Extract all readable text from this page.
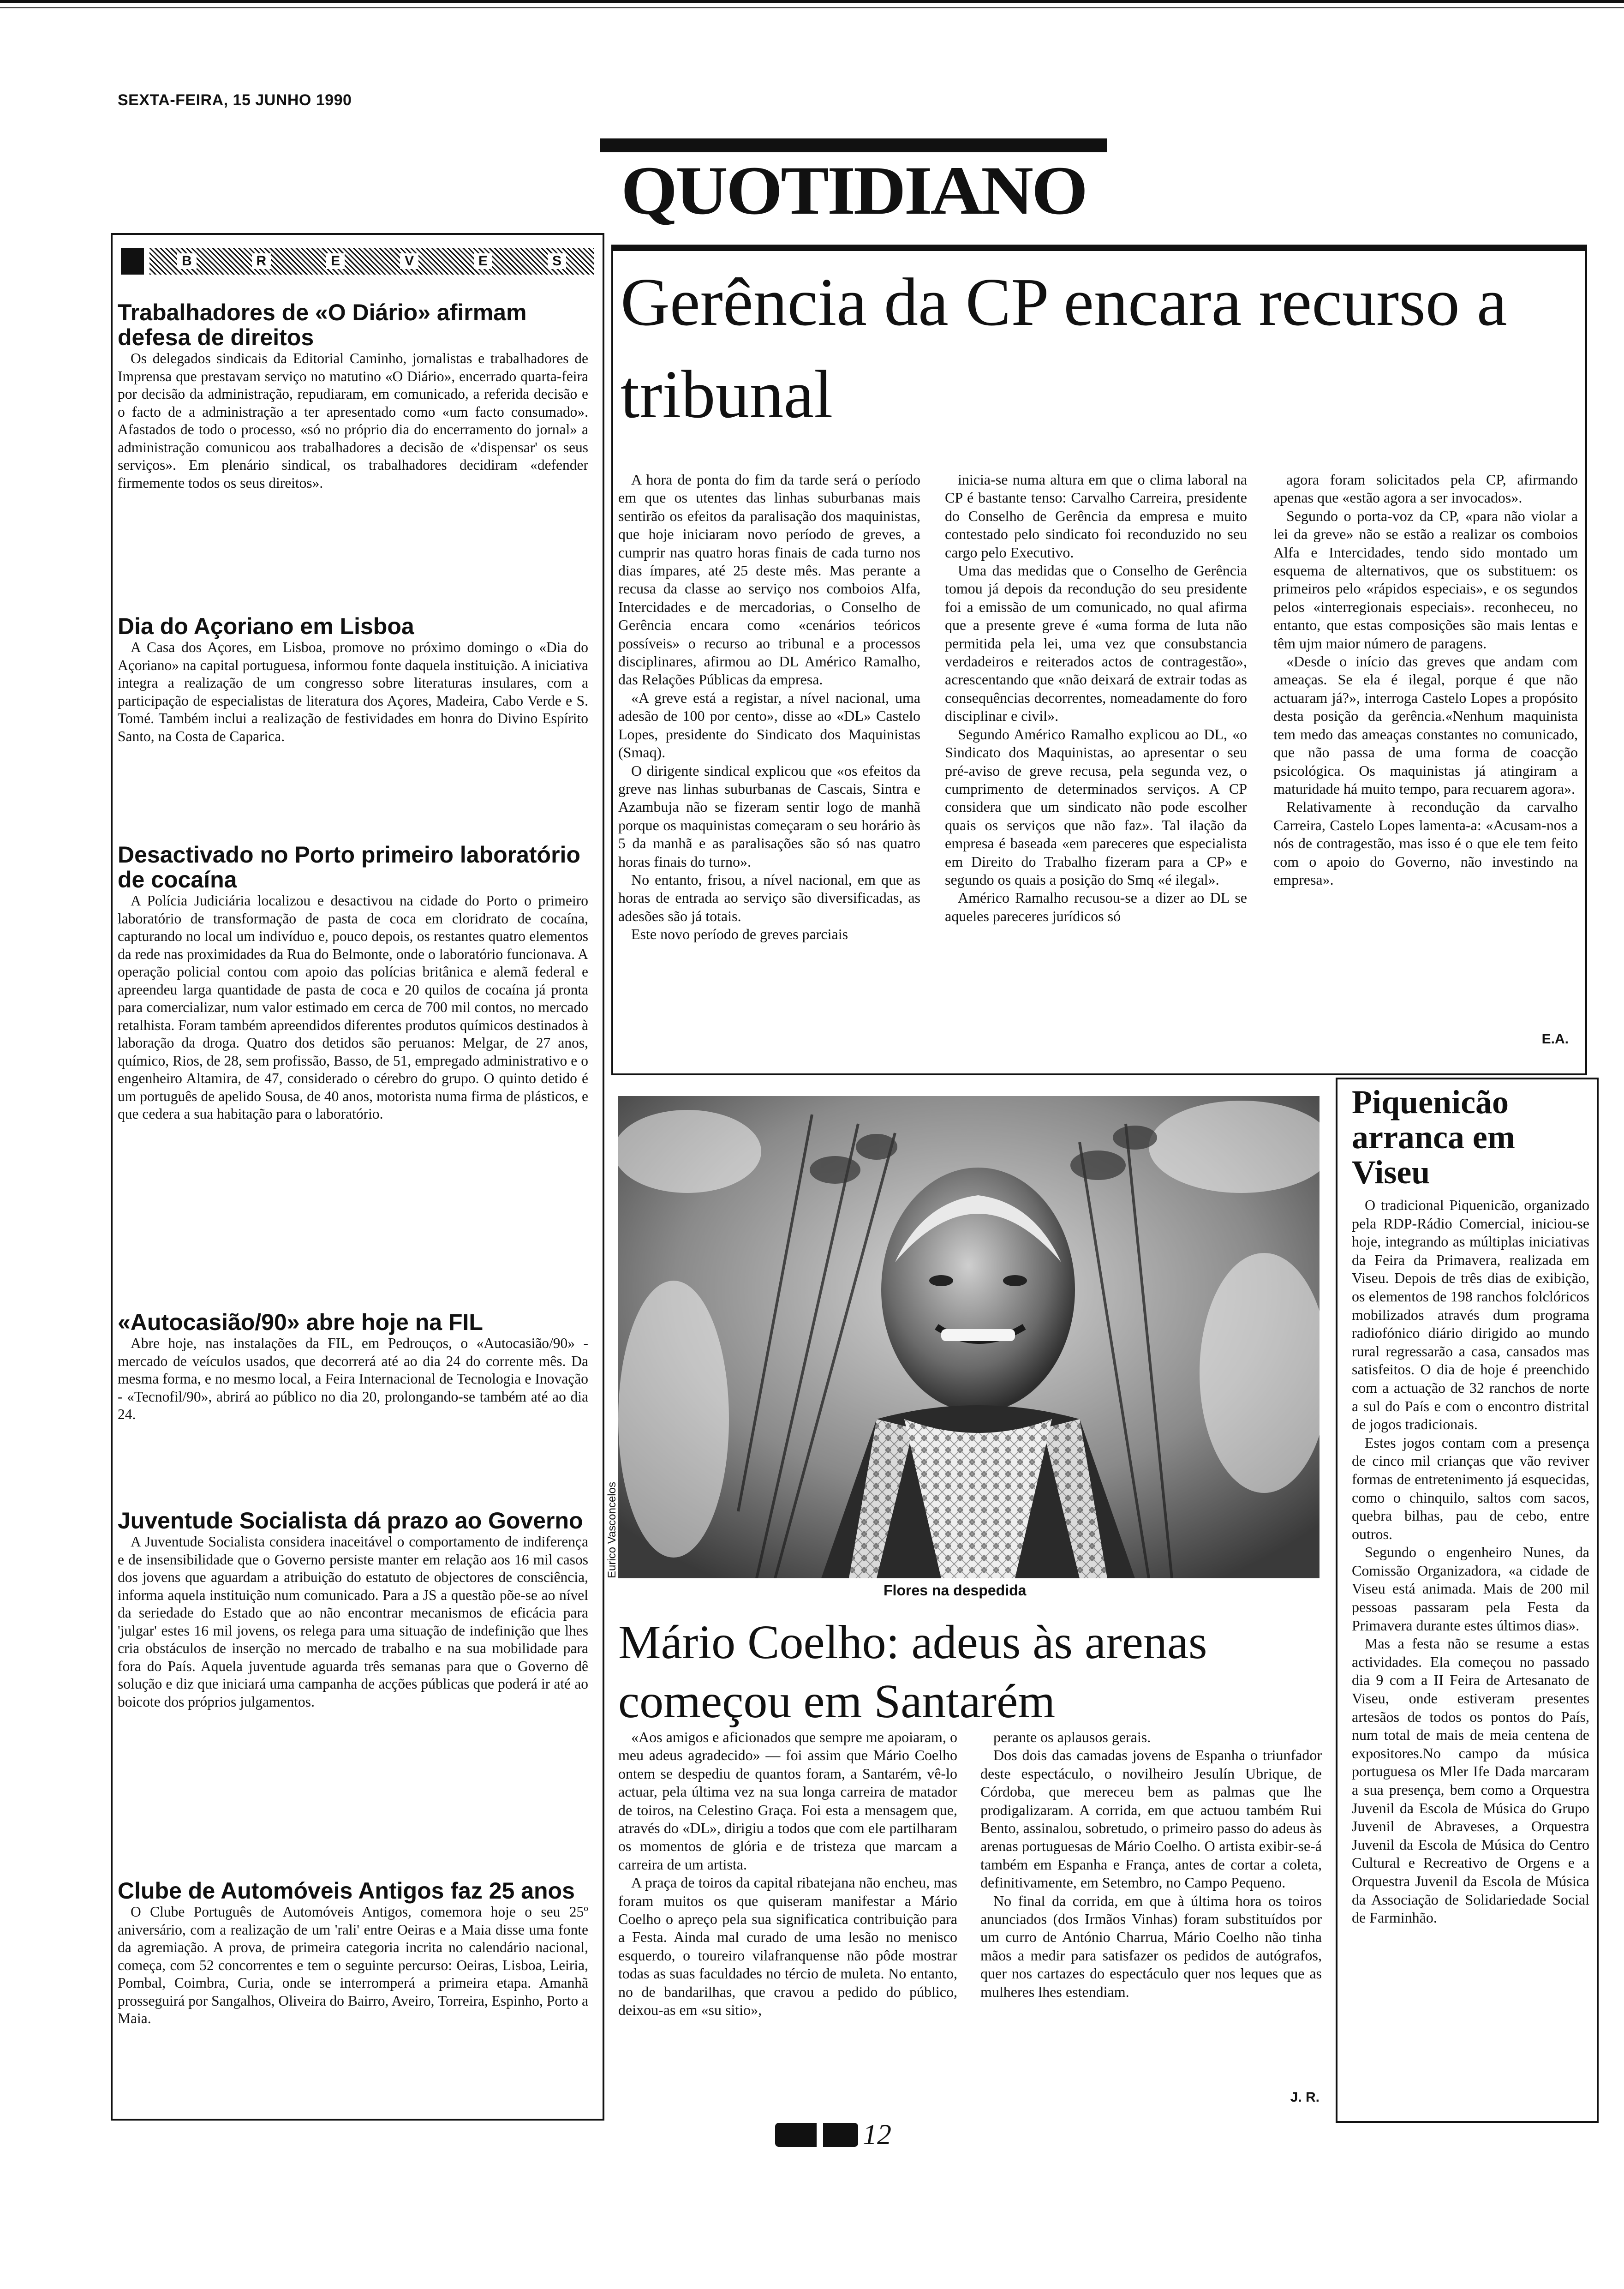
SEXTA-FEIRA, 15 JUNHO 1990
QUOTIDIANO
B	R	E	V	E	S
Trabalhadores de «O Diário» afirmam defesa de direitos

Os delegados sindicais da Editorial Caminho, jornalistas e trabalhadores de Imprensa que prestavam serviço no matutino «O Diário», encerrado quarta-feira por decisão da administração, repudiaram, em comunicado, a referida decisão e o facto de a administração a ter apresentado como «um facto consumado». Afastados de todo o processo, «só no próprio dia do encerramento do jornal» a administração comunicou aos trabalhadores a decisão de «'dispensar' os seus serviços». Em plenário sindical, os trabalhadores decidiram «defender firmemente todos os seus direitos».

Dia do Açoriano em Lisboa

A Casa dos Açores, em Lisboa, promove no próximo domingo o «Dia do Açoriano» na capital portuguesa, informou fonte daquela instituição. A iniciativa integra a realização de um congresso sobre literaturas insulares, com a participação de especialistas de literatura dos Açores, Madeira, Cabo Verde e S. Tomé. Também inclui a realização de festividades em honra do Divino Espírito Santo, na Costa de Caparica.

Desactivado no Porto primeiro laboratório de cocaína

A Polícia Judiciária localizou e desactivou na cidade do Porto o primeiro laboratório de transformação de pasta de coca em cloridrato de cocaína, capturando no local um indivíduo e, pouco depois, os restantes quatro elementos da rede nas proximidades da Rua do Belmonte, onde o laboratório funcionava. A operação policial contou com apoio das polícias britânica e alemã federal e apreendeu larga quantidade de pasta de coca e 20 quilos de cocaína já pronta para comercializar, num valor estimado em cerca de 700 mil contos, no mercado retalhista. Foram também apreendidos diferentes produtos químicos destinados à laboração da droga. Quatro dos detidos são peruanos: Melgar, de 27 anos, químico, Rios, de 28, sem profissão, Basso, de 51, empregado administrativo e o engenheiro Altamira, de 47, considerado o cérebro do grupo. O quinto detido é um português de apelido Sousa, de 40 anos, motorista numa firma de plásticos, e que cedera a sua habitação para o laboratório.

«Autocasião/90» abre hoje na FIL

Abre hoje, nas instalações da FIL, em Pedrouços, o «Autocasião/90» - mercado de veículos usados, que decorrerá até ao dia 24 do corrente mês. Da mesma forma, e no mesmo local, a Feira Internacional de Tecnologia e Inovação - «Tecnofil/90», abrirá ao público no dia 20, prolongando-se também até ao dia 24.

Juventude Socialista dá prazo ao Governo

A Juventude Socialista considera inaceitável o comportamento de indiferença e de insensibilidade que o Governo persiste manter em relação aos 16 mil casos dos jovens que aguardam a atribuição do estatuto de objectores de consciência, informa aquela instituição num comunicado. Para a JS a questão põe-se ao nível da seriedade do Estado que ao não encontrar mecanismos de eficácia para 'julgar' estes 16 mil jovens, os relega para uma situação de indefinição que lhes cria obstáculos de inserção no mercado de trabalho e na sua mobilidade para fora do País. Aquela juventude aguarda três semanas para que o Governo dê solução e diz que iniciará uma campanha de acções públicas que poderá ir até ao boicote dos próprios julgamentos.

Clube de Automóveis Antigos faz 25 anos

O Clube Português de Automóveis Antigos, comemora hoje o seu 25º aniversário, com a realização de um 'rali' entre Oeiras e a Maia disse uma fonte da agremiação. A prova, de primeira categoria incrita no calendário nacional, começa, com 52 concorrentes e tem o seguinte percurso: Oeiras, Lisboa, Leiria, Pombal, Coimbra, Curia, onde se interromperá a primeira etapa. Amanhã prosseguirá por Sangalhos, Oliveira do Bairro, Aveiro, Torreira, Espinho, Porto a Maia.

Gerência da CP encara recurso a tribunal

A hora de ponta do fim da tarde será o período em que os utentes das linhas suburbanas mais sentirão os efeitos da paralisação dos maquinistas, que hoje iniciaram novo período de greves, a cumprir nas quatro horas finais de cada turno nos dias ímpares, até 25 deste mês. Mas perante a recusa da classe ao serviço nos comboios Alfa, Intercidades e de mercadorias, o Conselho de Gerência encara como «cenários teóricos possíveis» o recurso ao tribunal e a processos disciplinares, afirmou ao DL Américo Ramalho, das Relações Públicas da empresa.

«A greve está a registar, a nível nacional, uma adesão de 100 por cento», disse ao «DL» Castelo Lopes, presidente do Sindicato dos Maquinistas (Smaq).

O dirigente sindical explicou que «os efeitos da greve nas linhas suburbanas de Cascais, Sintra e Azambuja não se fizeram sentir logo de manhã porque os maquinistas começaram o seu horário às 5 da manhã e as paralisações são só nas quatro horas finais do turno».

No entanto, frisou, a nível nacional, em que as horas de entrada ao serviço são diversificadas, as adesões são já totais.

Este novo período de greves parciais

inicia-se numa altura em que o clima laboral na CP é bastante tenso: Carvalho Carreira, presidente do Conselho de Gerência da empresa e muito contestado pelo sindicato foi reconduzido no seu cargo pelo Executivo.

Uma das medidas que o Conselho de Gerência tomou já depois da recondução do seu presidente foi a emissão de um comunicado, no qual afirma que a presente greve é «uma forma de luta não permitida pela lei, uma vez que consubstancia verdadeiros e reiterados actos de contragestão», acrescentando que «não deixará de extrair todas as consequências decorrentes, nomeadamente do foro disciplinar e civil».

Segundo Américo Ramalho explicou ao DL, «o Sindicato dos Maquinistas, ao apresentar o seu pré-aviso de greve recusa, pela segunda vez, o cumprimento de determinados serviços. A CP considera que um sindicato não pode escolher quais os serviços que não faz». Tal ilação da empresa é baseada «em pareceres que especialista em Direito do Trabalho fizeram para a CP» e segundo os quais a posição do Smq «é ilegal».

Américo Ramalho recusou-se a dizer ao DL se aqueles pareceres jurídicos só

agora foram solicitados pela CP, afirmando apenas que «estão agora a ser invocados».

Segundo o porta-voz da CP, «para não violar a lei da greve» não se estão a realizar os comboios Alfa e Intercidades, tendo sido montado um esquema de alternativos, que os substituem: os primeiros pelo «rápidos especiais», e os segundos pelos «interregionais especiais». reconheceu, no entanto, que estas composições são mais lentas e têm ujm maior número de paragens.

«Desde o início das greves que andam com ameaças. Se ela é ilegal, porque é que não actuaram já?», interroga Castelo Lopes a propósito desta posição da gerência.«Nenhum maquinista tem medo das ameaças constantes no comunicado, que não passa de uma forma de coacção psicológica. Os maquinistas já atingiram a maturidade há muito tempo, para recuarem agora».

Relativamente à recondução da carvalho Carreira, Castelo Lopes lamenta-a: «Acusam-nos a nós de contragestão, mas isso é o que ele tem feito com o apoio do Governo, não investindo na empresa».

E.A.
Eurico Vasconcelos
Flores na despedida
Mário Coelho: adeus às arenas começou em Santarém

«Aos amigos e aficionados que sempre me apoiaram, o meu adeus agradecido» — foi assim que Mário Coelho ontem se despediu de quantos foram, a Santarém, vê-lo actuar, pela última vez na sua longa carreira de matador de toiros, na Celestino Graça. Foi esta a mensagem que, através do «DL», dirigiu a todos que com ele partilharam os momentos de glória e de tristeza que marcam a carreira de um artista.

A praça de toiros da capital ribatejana não encheu, mas foram muitos os que quiseram manifestar a Mário Coelho o apreço pela sua significatica contribuição para a Festa. Ainda mal curado de uma lesão no menisco esquerdo, o toureiro vilafranquense não pôde mostrar todas as suas faculdades no tércio de muleta. No entanto, no de bandarilhas, que cravou a pedido do público, deixou-as em «su sitio»,

perante os aplausos gerais.

Dos dois das camadas jovens de Espanha o triunfador deste espectáculo, o novilheiro Jesulín Ubrique, de Córdoba, que mereceu bem as palmas que lhe prodigalizaram. A corrida, em que actuou também Rui Bento, assinalou, sobretudo, o primeiro passo do adeus às arenas portuguesas de Mário Coelho. O artista exibir-se-á também em Espanha e França, antes de cortar a coleta, definitivamente, em Setembro, no Campo Pequeno.

No final da corrida, em que à última hora os toiros anunciados (dos Irmãos Vinhas) foram substituídos por um curro de António Charrua, Mário Coelho não tinha mãos a medir para satisfazer os pedidos de autógrafos, quer nos cartazes do espectáculo quer nos leques que as mulheres lhes estendiam.

J. R.
Piquenicão arranca em Viseu

O tradicional Piquenicão, organizado pela RDP-Rádio Comercial, iniciou-se hoje, integrando as múltiplas iniciativas da Feira da Primavera, realizada em Viseu. Depois de três dias de exibição, os elementos de 198 ranchos folclóricos mobilizados através dum programa radiofónico diário dirigido ao mundo rural regressarão a casa, cansados mas satisfeitos. O dia de hoje é preenchido com a actuação de 32 ranchos de norte a sul do País e com o encontro distrital de jogos tradicionais.

Estes jogos contam com a presença de cinco mil crianças que vão reviver formas de entretenimento já esquecidas, como o chinquilo, saltos com sacos, quebra bilhas, pau de cebo, entre outros.

Segundo o engenheiro Nunes, da Comissão Organizadora, «a cidade de Viseu está animada. Mais de 200 mil pessoas passaram pela Festa da Primavera durante estes últimos dias».

Mas a festa não se resume a estas actividades. Ela começou no passado dia 9 com a II Feira de Artesanato de Viseu, onde estiveram presentes artesãos de todos os pontos do País, num total de mais de meia centena de expositores.No campo da música portuguesa os Mler Ife Dada marcaram a sua presença, bem como a Orquestra Juvenil da Escola de Música do Grupo Juvenil de Abraveses, a Orquestra Juvenil da Escola de Música do Centro Cultural e Recreativo de Orgens e a Orquestra Juvenil da Escola de Música da Associação de Solidariedade Social de Farminhão.

12
